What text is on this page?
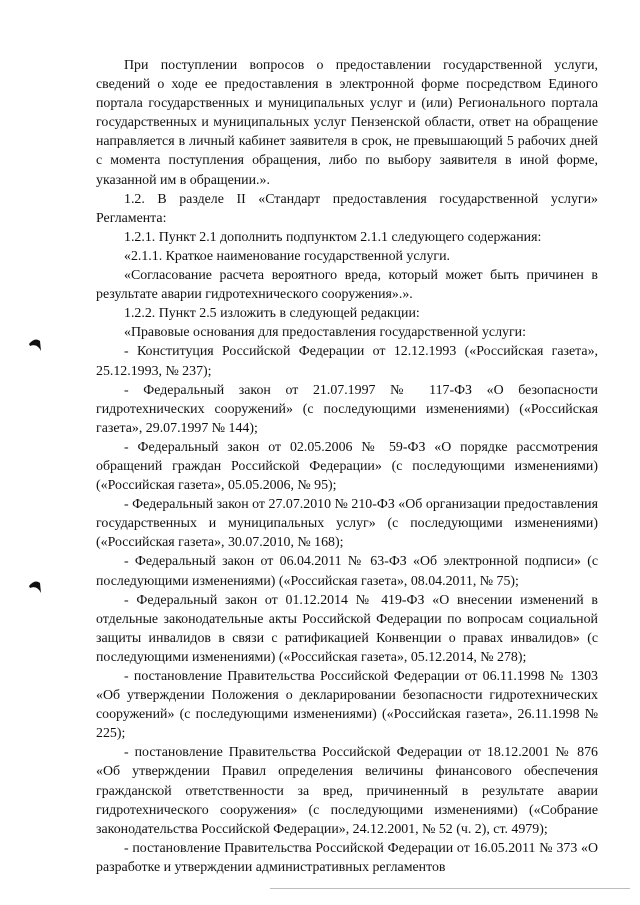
При поступлении вопросов о предоставлении государственной услуги, сведений о ходе ее предоставления в электронной форме посредством Единого портала государственных и муниципальных услуг и (или) Регионального портала государственных и муниципальных услуг Пензенской области, ответ на обращение направляется в личный кабинет заявителя в срок, не превышающий 5 рабочих дней с момента поступления обращения, либо по выбору заявителя в иной форме, указанной им в обращении.».

1.2. В разделе II «Стандарт предоставления государственной услуги» Регламента:

1.2.1. Пункт 2.1 дополнить подпунктом 2.1.1 следующего содержания:

«2.1.1. Краткое наименование государственной услуги.

«Согласование расчета вероятного вреда, который может быть причинен в результате аварии гидротехнического сооружения».».

1.2.2. Пункт 2.5 изложить в следующей редакции:

«Правовые основания для предоставления государственной услуги:

- Конституция Российской Федерации от 12.12.1993 («Российская газета», 25.12.1993, № 237);

- Федеральный закон от 21.07.1997 № 117-ФЗ «О безопасности гидротехнических сооружений» (с последующими изменениями) («Российская газета», 29.07.1997 № 144);

- Федеральный закон от 02.05.2006 № 59-ФЗ «О порядке рассмотрения обращений граждан Российской Федерации» (с последующими изменениями) («Российская газета», 05.05.2006, № 95);

- Федеральный закон от 27.07.2010 № 210-ФЗ «Об организации предоставления государственных и муниципальных услуг» (с последующими изменениями) («Российская газета», 30.07.2010, № 168);

- Федеральный закон от 06.04.2011 № 63-ФЗ «Об электронной подписи» (с последующими изменениями) («Российская газета», 08.04.2011, № 75);

- Федеральный закон от 01.12.2014 № 419-ФЗ «О внесении изменений в отдельные законодательные акты Российской Федерации по вопросам социальной защиты инвалидов в связи с ратификацией Конвенции о правах инвалидов» (с последующими изменениями) («Российская газета», 05.12.2014, № 278);

- постановление Правительства Российской Федерации от 06.11.1998 № 1303 «Об утверждении Положения о декларировании безопасности гидротехнических сооружений» (с последующими изменениями) («Российская газета», 26.11.1998 № 225);

- постановление Правительства Российской Федерации от 18.12.2001 № 876 «Об утверждении Правил определения величины финансового обеспечения гражданской ответственности за вред, причиненный в результате аварии гидротехнического сооружения» (с последующими изменениями) («Собрание законодательства Российской Федерации», 24.12.2001, № 52 (ч. 2), ст. 4979);

- постановление Правительства Российской Федерации от 16.05.2011 № 373 «О разработке и утверждении административных регламентов
